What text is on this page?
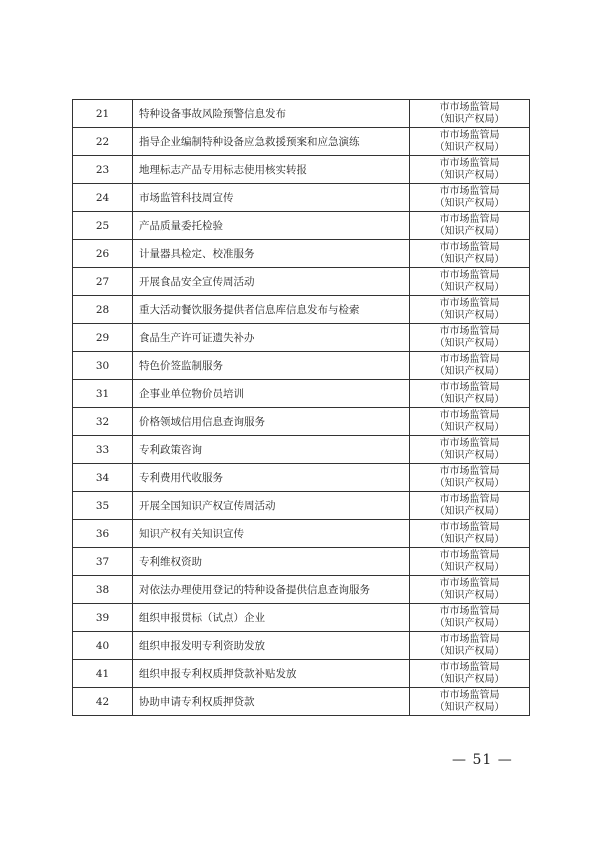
21	特种设备事故风险预警信息发布	市市场监管局
（知识产权局）

22	指导企业编制特种设备应急救援预案和应急演练	市市场监管局
（知识产权局）

23	地理标志产品专用标志使用核实转报	市市场监管局
（知识产权局）

24	市场监管科技周宣传	市市场监管局
（知识产权局）

25	产品质量委托检验	市市场监管局
（知识产权局）

26	计量器具检定、校准服务	市市场监管局
（知识产权局）

27	开展食品安全宣传周活动	市市场监管局
（知识产权局）

28	重大活动餐饮服务提供者信息库信息发布与检索	市市场监管局
（知识产权局）

29	食品生产许可证遗失补办	市市场监管局
（知识产权局）

30	特色价签监制服务	市市场监管局
（知识产权局）

31	企事业单位物价员培训	市市场监管局
（知识产权局）

32	价格领域信用信息查询服务	市市场监管局
（知识产权局）

33	专利政策咨询	市市场监管局
（知识产权局）

34	专利费用代收服务	市市场监管局
（知识产权局）

35	开展全国知识产权宣传周活动	市市场监管局
（知识产权局）

36	知识产权有关知识宣传	市市场监管局
（知识产权局）

37	专利维权资助	市市场监管局
（知识产权局）

38	对依法办理使用登记的特种设备提供信息查询服务	市市场监管局
（知识产权局）

39	组织申报贯标（试点）企业	市市场监管局
（知识产权局）

40	组织申报发明专利资助发放	市市场监管局
（知识产权局）

41	组织申报专利权质押贷款补贴发放	市市场监管局
（知识产权局）

42	协助申请专利权质押贷款	市市场监管局
（知识产权局）
— 51 —
